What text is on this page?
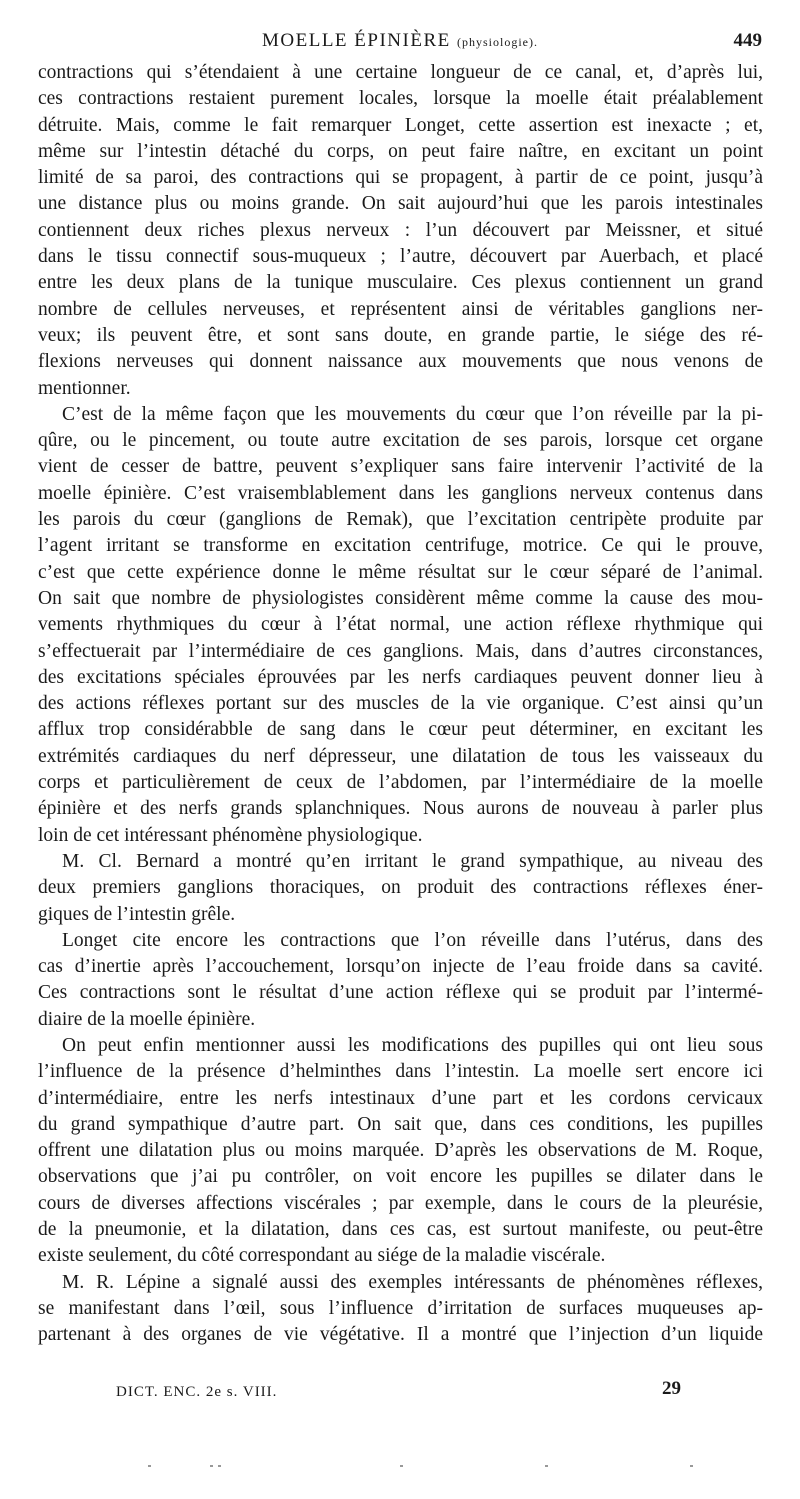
MOELLE ÉPINIÈRE (physiologie).	449
contractions qui s’étendaient à une certaine longueur de ce canal, et, d’après lui,
ces contractions restaient purement locales, lorsque la moelle était préalablement
détruite. Mais, comme le fait remarquer Longet, cette assertion est inexacte ; et,
même sur l’intestin détaché du corps, on peut faire naître, en excitant un point
limité de sa paroi, des contractions qui se propagent, à partir de ce point, jusqu’à
une distance plus ou moins grande. On sait aujourd’hui que les parois intestinales
contiennent deux riches plexus nerveux : l’un découvert par Meissner, et situé
dans le tissu connectif sous-muqueux ; l’autre, découvert par Auerbach, et placé
entre les deux plans de la tunique musculaire. Ces plexus contiennent un grand
nombre de cellules nerveuses, et représentent ainsi de véritables ganglions ner-
veux; ils peuvent être, et sont sans doute, en grande partie, le siége des ré-
flexions nerveuses qui donnent naissance aux mouvements que nous venons de
mentionner.
C’est de la même façon que les mouvements du cœur que l’on réveille par la pi-
qûre, ou le pincement, ou toute autre excitation de ses parois, lorsque cet organe
vient de cesser de battre, peuvent s’expliquer sans faire intervenir l’activité de la
moelle épinière. C’est vraisemblablement dans les ganglions nerveux contenus dans
les parois du cœur (ganglions de Remak), que l’excitation centripète produite par
l’agent irritant se transforme en excitation centrifuge, motrice. Ce qui le prouve,
c’est que cette expérience donne le même résultat sur le cœur séparé de l’animal.
On sait que nombre de physiologistes considèrent même comme la cause des mou-
vements rhythmiques du cœur à l’état normal, une action réflexe rhythmique qui
s’effectuerait par l’intermédiaire de ces ganglions. Mais, dans d’autres circonstances,
des excitations spéciales éprouvées par les nerfs cardiaques peuvent donner lieu à
des actions réflexes portant sur des muscles de la vie organique. C’est ainsi qu’un
afflux trop considérabble de sang dans le cœur peut déterminer, en excitant les
extrémités cardiaques du nerf dépresseur, une dilatation de tous les vaisseaux du
corps et particulièrement de ceux de l’abdomen, par l’intermédiaire de la moelle
épinière et des nerfs grands splanchniques. Nous aurons de nouveau à parler plus
loin de cet intéressant phénomène physiologique.
M. Cl. Bernard a montré qu’en irritant le grand sympathique, au niveau des
deux premiers ganglions thoraciques, on produit des contractions réflexes éner-
giques de l’intestin grêle.
Longet cite encore les contractions que l’on réveille dans l’utérus, dans des
cas d’inertie après l’accouchement, lorsqu’on injecte de l’eau froide dans sa cavité.
Ces contractions sont le résultat d’une action réflexe qui se produit par l’intermé-
diaire de la moelle épinière.
On peut enfin mentionner aussi les modifications des pupilles qui ont lieu sous
l’influence de la présence d’helminthes dans l’intestin. La moelle sert encore ici
d’intermédiaire, entre les nerfs intestinaux d’une part et les cordons cervicaux
du grand sympathique d’autre part. On sait que, dans ces conditions, les pupilles
offrent une dilatation plus ou moins marquée. D’après les observations de M. Roque,
observations que j’ai pu contrôler, on voit encore les pupilles se dilater dans le
cours de diverses affections viscérales ; par exemple, dans le cours de la pleurésie,
de la pneumonie, et la dilatation, dans ces cas, est surtout manifeste, ou peut-être
existe seulement, du côté correspondant au siége de la maladie viscérale.
M. R. Lépine a signalé aussi des exemples intéressants de phénomènes réflexes,
se manifestant dans l’œil, sous l’influence d’irritation de surfaces muqueuses ap-
partenant à des organes de vie végétative. Il a montré que l’injection d’un liquide
DICT. ENC. 2e s. VIII.	29
